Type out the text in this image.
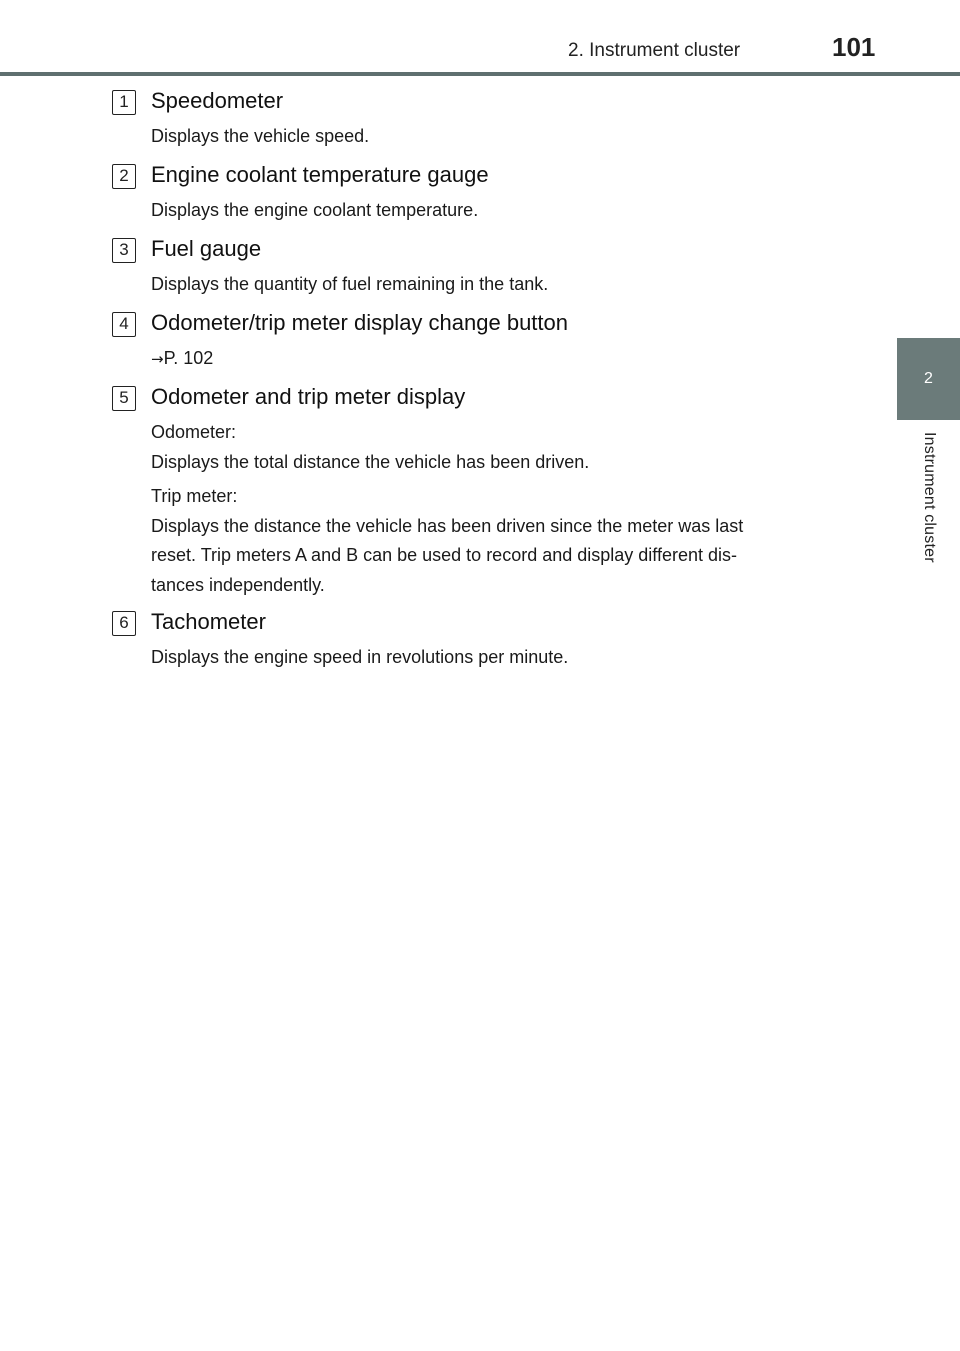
2. Instrument cluster	101
2
Instrument cluster
1	Speedometer

Displays the vehicle speed.

2	Engine coolant temperature gauge

Displays the engine coolant temperature.

3	Fuel gauge

Displays the quantity of fuel remaining in the tank.

4	Odometer/trip meter display change button

→P. 102

5	Odometer and trip meter display

Odometer:

Displays the total distance the vehicle has been driven.

Trip meter:

Displays the distance the vehicle has been driven since the meter was last

reset. Trip meters A and B can be used to record and display different dis-

tances independently.

6	Tachometer

Displays the engine speed in revolutions per minute.
